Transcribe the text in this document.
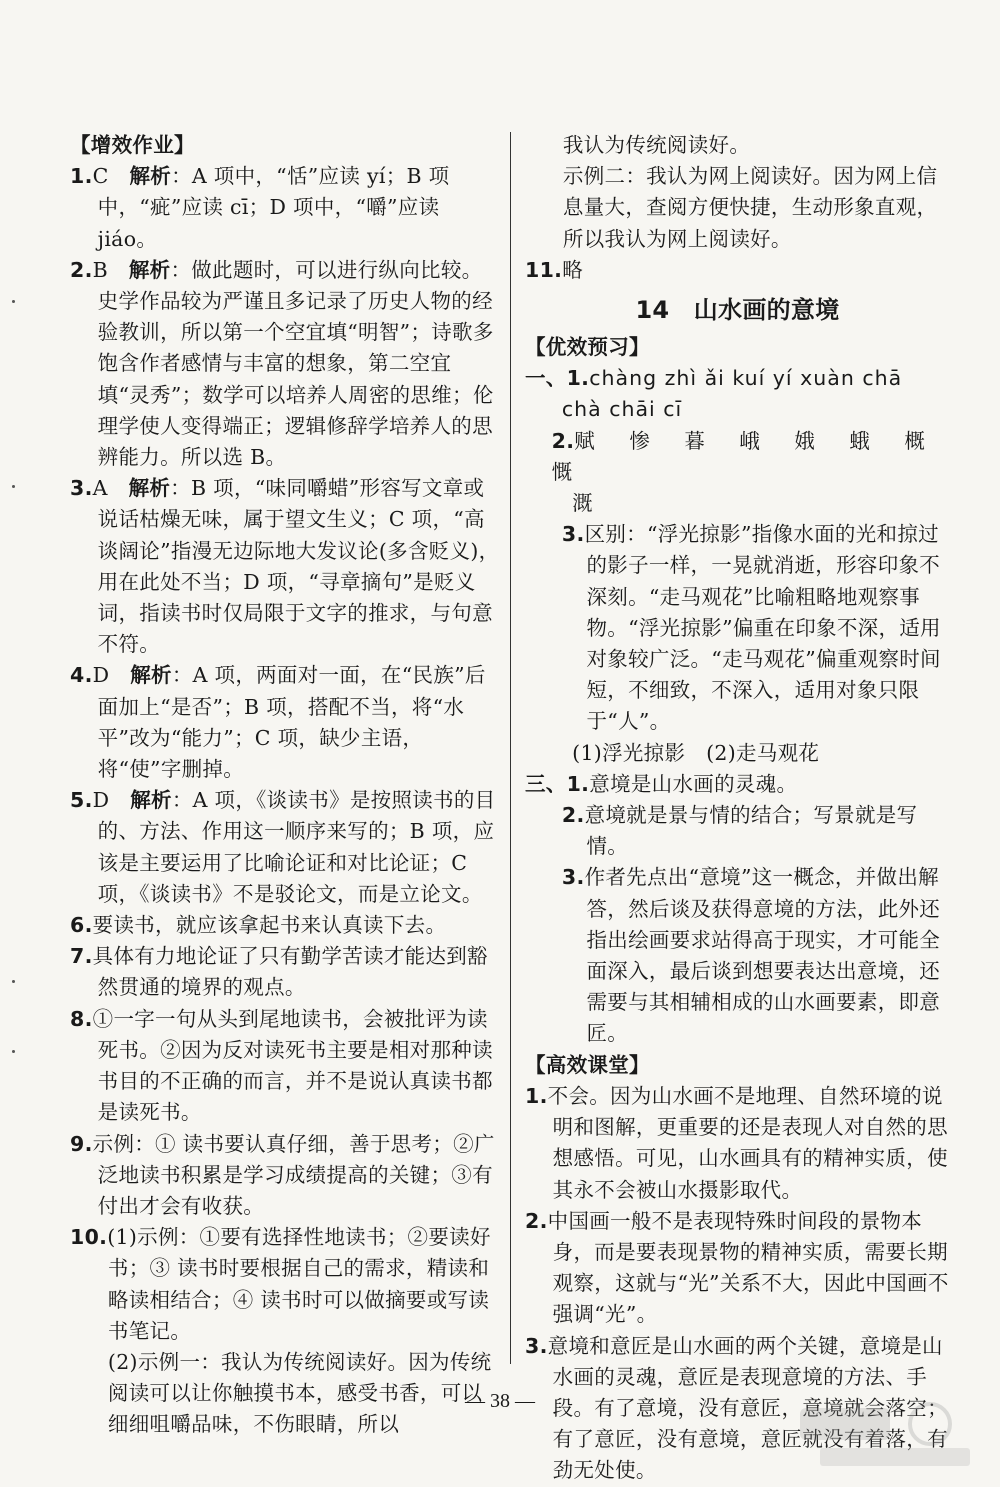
【增效作业】

1.C　解析：A 项中，“恬”应读 yí；B 项中，“疵”应读 cī；D 项中，“嚼”应读 jiáo。

2.B　解析：做此题时，可以进行纵向比较。史学作品较为严谨且多记录了历史人物的经验教训，所以第一个空宜填“明智”；诗歌多饱含作者感情与丰富的想象，第二空宜填“灵秀”；数学可以培养人周密的思维；伦理学使人变得端正；逻辑修辞学培养人的思辨能力。所以选 B。

3.A　解析：B 项，“味同嚼蜡”形容写文章或说话枯燥无味，属于望文生义；C 项，“高谈阔论”指漫无边际地大发议论(多含贬义)，用在此处不当；D 项，“寻章摘句”是贬义词，指读书时仅局限于文字的推求，与句意不符。

4.D　解析：A 项，两面对一面，在“民族”后面加上“是否”；B 项，搭配不当，将“水平”改为“能力”；C 项，缺少主语，将“使”字删掉。

5.D　解析：A 项，《谈读书》是按照读书的目的、方法、作用这一顺序来写的；B 项，应该是主要运用了比喻论证和对比论证；C 项，《谈读书》不是驳论文，而是立论文。

6.要读书，就应该拿起书来认真读下去。

7.具体有力地论证了只有勤学苦读才能达到豁然贯通的境界的观点。

8.①一字一句从头到尾地读书，会被批评为读死书。②因为反对读死书主要是相对那种读书目的不正确的而言，并不是说认真读书都是读死书。

9.示例：① 读书要认真仔细，善于思考；②广泛地读书积累是学习成绩提高的关键；③有付出才会有收获。

10.(1)示例：①要有选择性地读书；②要读好书；③ 读书时要根据自己的需求，精读和略读相结合；④ 读书时可以做摘要或写读书笔记。

(2)示例一：我认为传统阅读好。因为传统阅读可以让你触摸书本，感受书香，可以细细咀嚼品味，不伤眼睛，所以

我认为传统阅读好。

示例二：我认为网上阅读好。因为网上信息量大，查阅方便快捷，生动形象直观，所以我认为网上阅读好。

11.略

14　山水画的意境
【优效预习】

一、1.chàng zhì ǎi kuí yí xuàn chā

chà chāi cī

2.赋 惨 暮 峨 娥 蛾 概 慨

溉

3.区别：“浮光掠影”指像水面的光和掠过的影子一样，一晃就消逝，形容印象不深刻。“走马观花”比喻粗略地观察事物。“浮光掠影”偏重在印象不深，适用对象较广泛。“走马观花”偏重观察时间短，不细致，不深入，适用对象只限于“人”。

(1)浮光掠影　(2)走马观花

三、1.意境是山水画的灵魂。

2.意境就是景与情的结合；写景就是写情。

3.作者先点出“意境”这一概念，并做出解答，然后谈及获得意境的方法，此外还指出绘画要求站得高于现实，才可能全面深入，最后谈到想要表达出意境，还需要与其相辅相成的山水画要素，即意匠。

【高效课堂】

1.不会。因为山水画不是地理、自然环境的说明和图解，更重要的还是表现人对自然的思想感悟。可见，山水画具有的精神实质，使其永不会被山水摄影取代。

2.中国画一般不是表现特殊时间段的景物本身，而是要表现景物的精神实质，需要长期观察，这就与“光”关系不大，因此中国画不强调“光”。

3.意境和意匠是山水画的两个关键，意境是山水画的灵魂，意匠是表现意境的方法、手段。有了意境，没有意匠，意境就会落空；有了意匠，没有意境，意匠就没有着落，有劲无处使。

— 38 —
